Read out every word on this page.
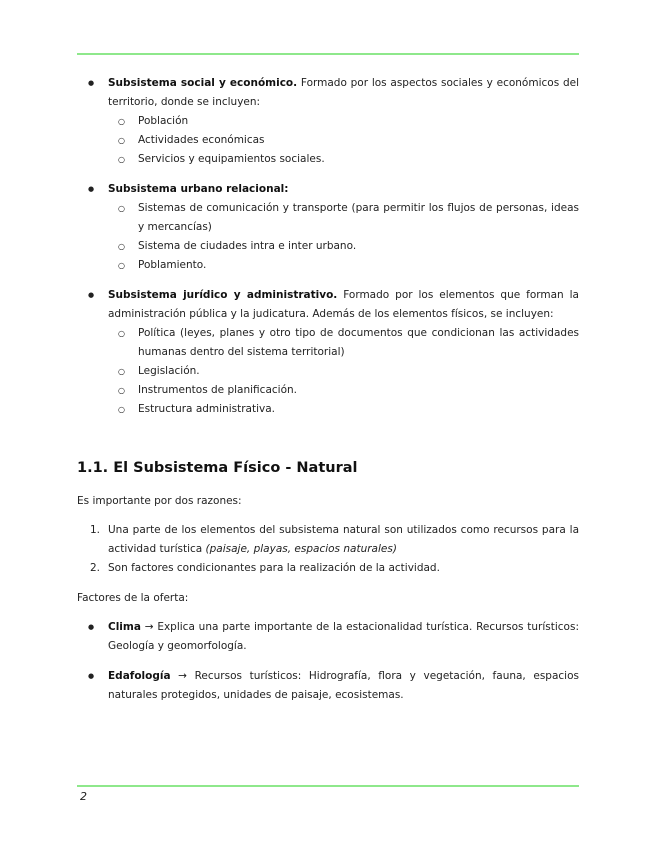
● Subsistema social y económico. Formado por los aspectos sociales y económicos del territorio, donde se incluyen:
○ Población
○ Actividades económicas
○ Servicios y equipamientos sociales.
● Subsistema urbano relacional:
○ Sistemas de comunicación y transporte (para permitir los flujos de personas, ideas y mercancías)
○ Sistema de ciudades intra e inter urbano.
○ Poblamiento.
● Subsistema jurídico y administrativo. Formado por los elementos que forman la administración pública y la judicatura. Además de los elementos físicos, se incluyen:
○ Política (leyes, planes y otro tipo de documentos que condicionan las actividades humanas dentro del sistema territorial)
○ Legislación.
○ Instrumentos de planificación.
○ Estructura administrativa.
1.1. El Subsistema Físico - Natural

Es importante por dos razones:

1. Una parte de los elementos del subsistema natural son utilizados como recursos para la actividad turística (paisaje, playas, espacios naturales)
2. Son factores condicionantes para la realización de la actividad.

Factores de la oferta:

● Clima → Explica una parte importante de la estacionalidad turística. Recursos turísticos: Geología y geomorfología.
● Edafología → Recursos turísticos: Hidrografía, flora y vegetación, fauna, espacios naturales protegidos, unidades de paisaje, ecosistemas.
2
